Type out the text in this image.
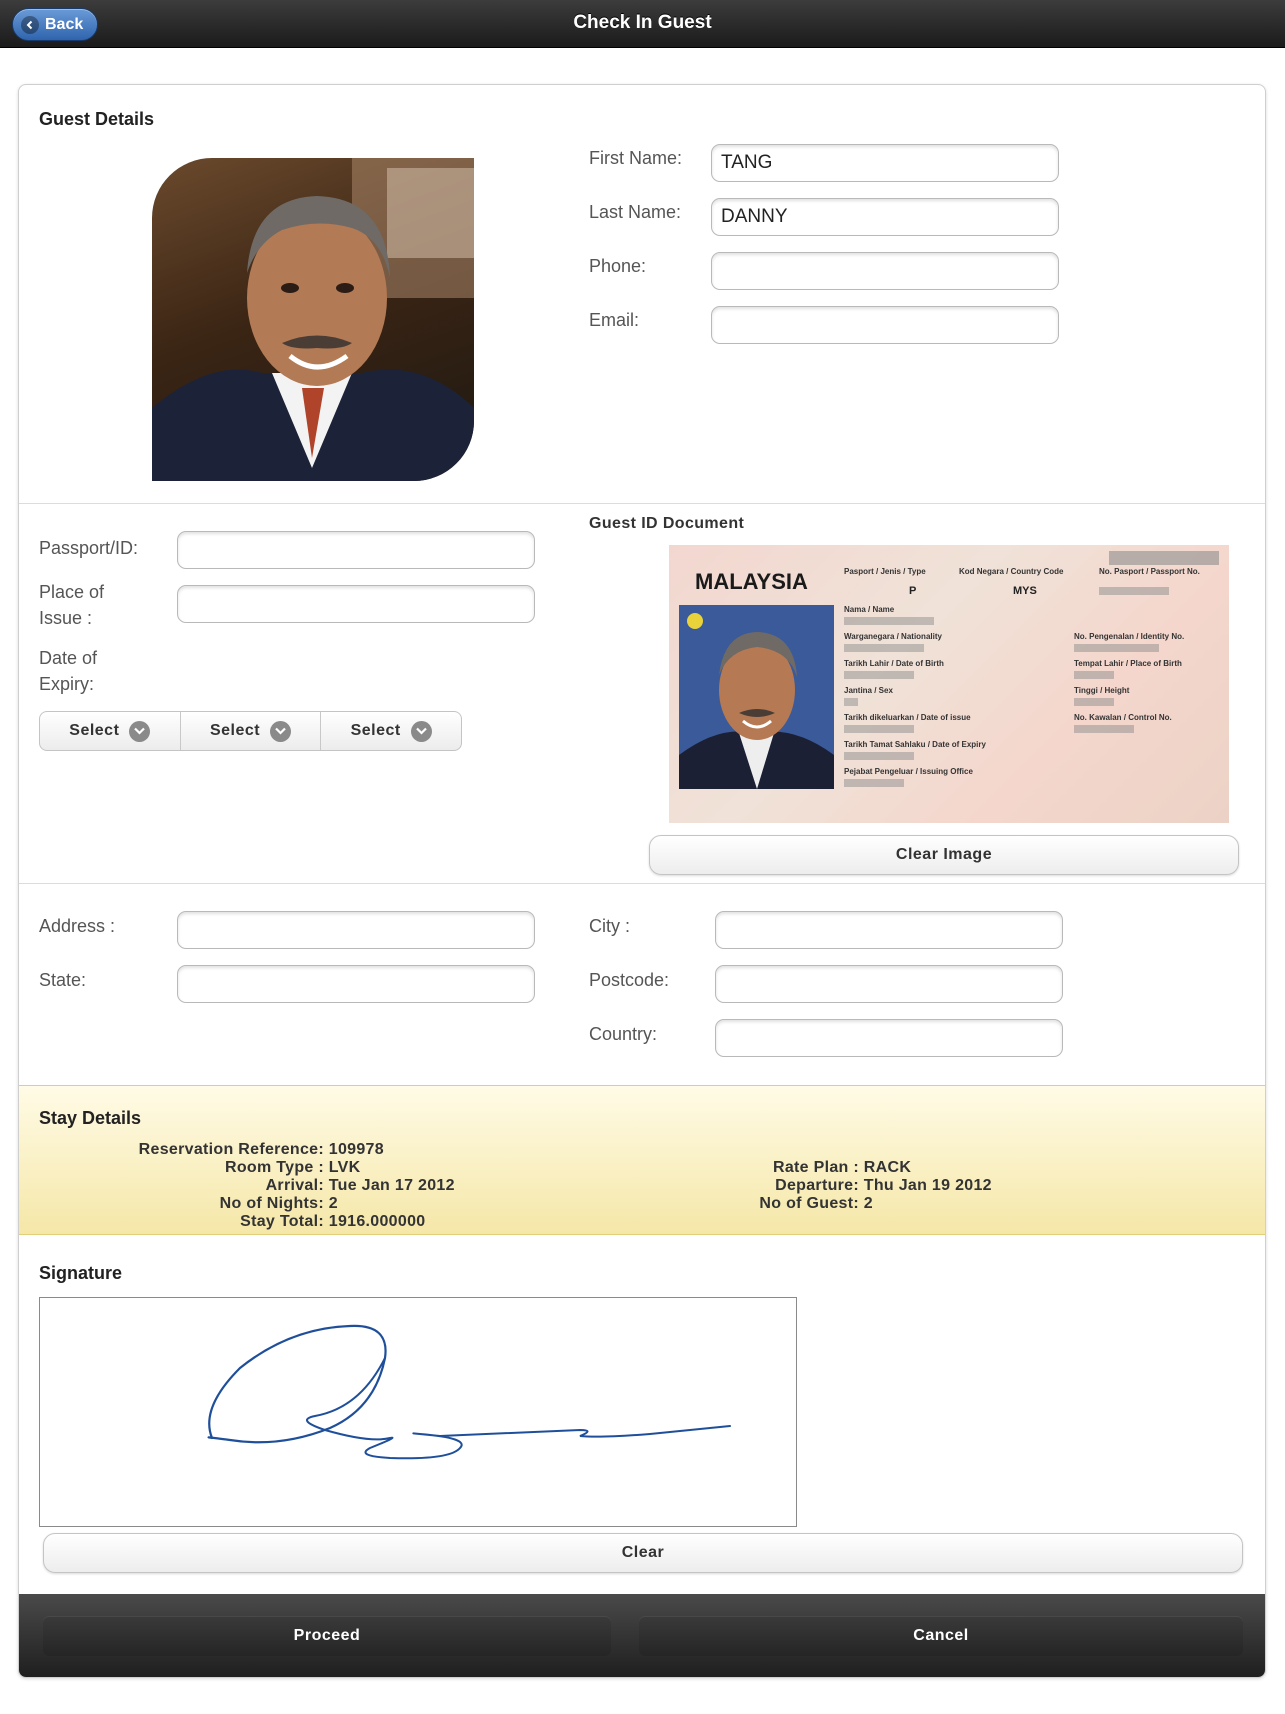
Back	Check In Guest
Guest Details
First Name:	TANG
Last Name:	DANNY
Phone:
Email:
Passport/ID:
Place of
Issue :
Date of
Expiry:
Select	Select	Select
Guest ID Document
MALAYSIA	Pasport / Jenis / Type	Kod Negara / Country Code	No. Pasport / Passport No.
P	MYS
Nama / Name
Warganegara / Nationality
Tarikh Lahir / Date of Birth
Jantina / Sex
Tarikh dikeluarkan / Date of issue
Tarikh Tamat Sahlaku / Date of Expiry
Pejabat Pengeluar / Issuing Office
No. Pengenalan / Identity No.
Tempat Lahir / Place of Birth
Tinggi / Height
No. Kawalan / Control No.
Clear Image
Address :
State:
City :
Postcode:
Country:
Stay Details
Reservation Reference: 109978
Room Type : LVK
Arrival: Tue Jan 17 2012
No of Nights: 2
Stay Total: 1916.000000
Rate Plan : RACK
Departure: Thu Jan 19 2012
No of Guest: 2
Signature
Clear
Proceed	Cancel
